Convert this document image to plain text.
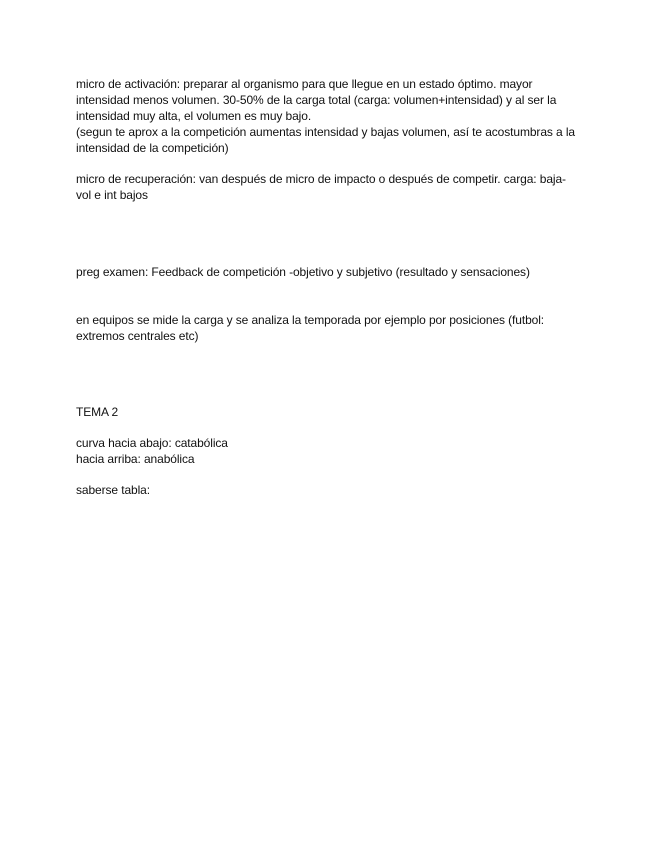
micro de activación: preparar al organismo para que llegue en un estado óptimo. mayor
intensidad menos volumen. 30-50% de la carga total (carga: volumen+intensidad) y al ser la
intensidad muy alta, el volumen es muy bajo.
(segun te aprox a la competición aumentas intensidad y bajas volumen, así te acostumbras a la
intensidad de la competición)
micro de recuperación: van después de micro de impacto o después de competir. carga: baja-
vol e int bajos
preg examen: Feedback de competición -objetivo y subjetivo (resultado y sensaciones)
en equipos se mide la carga y se analiza la temporada por ejemplo por posiciones (futbol:
extremos centrales etc)
TEMA 2
curva hacia abajo: catabólica
hacia arriba: anabólica
saberse tabla:
